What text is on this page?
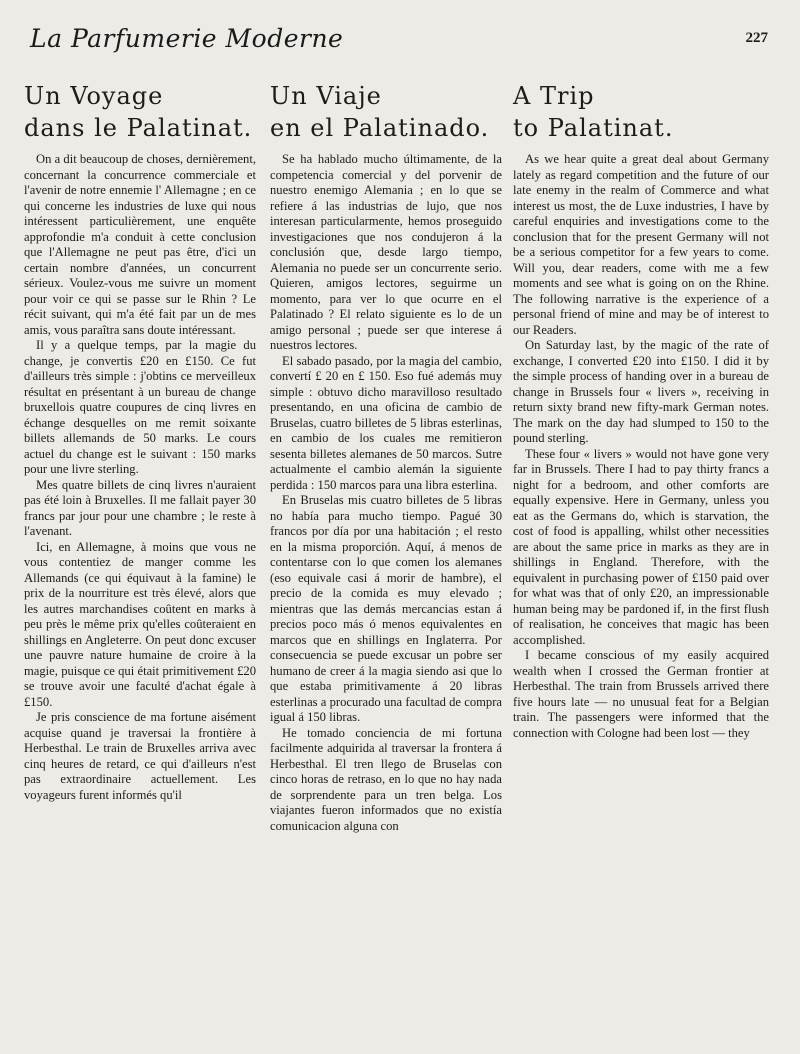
La Parfumerie Moderne	227
Un Voyage
dans le Palatinat.

On a dit beaucoup de choses, dernièrement, concernant la concurrence commerciale et l'avenir de notre ennemie l' Allemagne ; en ce qui concerne les industries de luxe qui nous intéressent particulièrement, une enquête approfondie m'a conduit à cette conclusion que l'Allemagne ne peut pas être, d'ici un certain nombre d'années, un concurrent sérieux. Voulez-vous me suivre un moment pour voir ce qui se passe sur le Rhin ? Le récit suivant, qui m'a été fait par un de mes amis, vous paraîtra sans doute intéressant.

Il y a quelque temps, par la magie du change, je convertis £20 en £150. Ce fut d'ailleurs très simple : j'obtins ce merveilleux résultat en présentant à un bureau de change bruxellois quatre coupures de cinq livres en échange desquelles on me remit soixante billets allemands de 50 marks. Le cours actuel du change est le suivant : 150 marks pour une livre sterling.

Mes quatre billets de cinq livres n'auraient pas été loin à Bruxelles. Il me fallait payer 30 francs par jour pour une chambre ; le reste à l'avenant.

Ici, en Allemagne, à moins que vous ne vous contentiez de manger comme les Allemands (ce qui équivaut à la famine) le prix de la nourriture est très élevé, alors que les autres marchandises coûtent en marks à peu près le même prix qu'elles coûteraient en shillings en Angleterre. On peut donc excuser une pauvre nature humaine de croire à la magie, puisque ce qui était primitivement £20 se trouve avoir une faculté d'achat égale à £150.

Je pris conscience de ma fortune aisément acquise quand je traversai la frontière à Herbesthal. Le train de Bruxelles arriva avec cinq heures de retard, ce qui d'ailleurs n'est pas extraordinaire actuellement. Les voyageurs furent informés qu'il

Un Viaje
en el Palatinado.

Se ha hablado mucho últimamente, de la competencia comercial y del porvenir de nuestro enemigo Alemania ; en lo que se refiere á las industrias de lujo, que nos interesan particularmente, hemos proseguido investigaciones que nos condujeron á la conclusión que, desde largo tiempo, Alemania no puede ser un concurrente serio. Quieren, amigos lectores, seguirme un momento, para ver lo que ocurre en el Palatinado ? El relato siguiente es lo de un amigo personal ; puede ser que interese á nuestros lectores.

El sabado pasado, por la magia del cambio, convertí £ 20 en £ 150. Eso fué además muy simple : obtuvo dicho maravilloso resultado presentando, en una oficina de cambio de Bruselas, cuatro billetes de 5 libras esterlinas, en cambio de los cuales me remitieron sesenta billetes alemanes de 50 marcos. Sutre actualmente el cambio alemán la siguiente perdida : 150 marcos para una libra esterlina.

En Bruselas mis cuatro billetes de 5 libras no había para mucho tiempo. Pagué 30 francos por día por una habitación ; el resto en la misma proporción. Aquí, á menos de contentarse con lo que comen los alemanes (eso equivale casi á morir de hambre), el precio de la comida es muy elevado ; mientras que las demás mercancias estan á precios poco más ó menos equivalentes en marcos que en shillings en Inglaterra. Por consecuencia se puede excusar un pobre ser humano de creer á la magia siendo asi que lo que estaba primitivamente á 20 libras esterlinas a procurado una facultad de compra igual á 150 libras.

He tomado conciencia de mi fortuna facilmente adquirida al traversar la frontera á Herbesthal. El tren llego de Bruselas con cinco horas de retraso, en lo que no hay nada de sorprendente para un tren belga. Los viajantes fueron informados que no existía comunicacion alguna con

A Trip
to Palatinat.

As we hear quite a great deal about Germany lately as regard competition and the future of our late enemy in the realm of Commerce and what interest us most, the de Luxe industries, I have by careful enquiries and investigations come to the conclusion that for the present Germany will not be a serious competitor for a few years to come. Will you, dear readers, come with me a few moments and see what is going on on the Rhine. The following narrative is the experience of a personal friend of mine and may be of interest to our Readers.

On Saturday last, by the magic of the rate of exchange, I converted £20 into £150. I did it by the simple process of handing over in a bureau de change in Brussels four « livers », receiving in return sixty brand new fifty-mark German notes. The mark on the day had slumped to 150 to the pound sterling.

These four « livers » would not have gone very far in Brussels. There I had to pay thirty francs a night for a bedroom, and other comforts are equally expensive. Here in Germany, unless you eat as the Germans do, which is starvation, the cost of food is appalling, whilst other necessities are about the same price in marks as they are in shillings in England. Therefore, with the equivalent in purchasing power of £150 paid over for what was that of only £20, an impressionable human being may be pardoned if, in the first flush of realisation, he conceives that magic has been accomplished.

I became conscious of my easily acquired wealth when I crossed the German frontier at Herbesthal. The train from Brussels arrived there five hours late — no unusual feat for a Belgian train. The passengers were informed that the connection with Cologne had been lost — they
